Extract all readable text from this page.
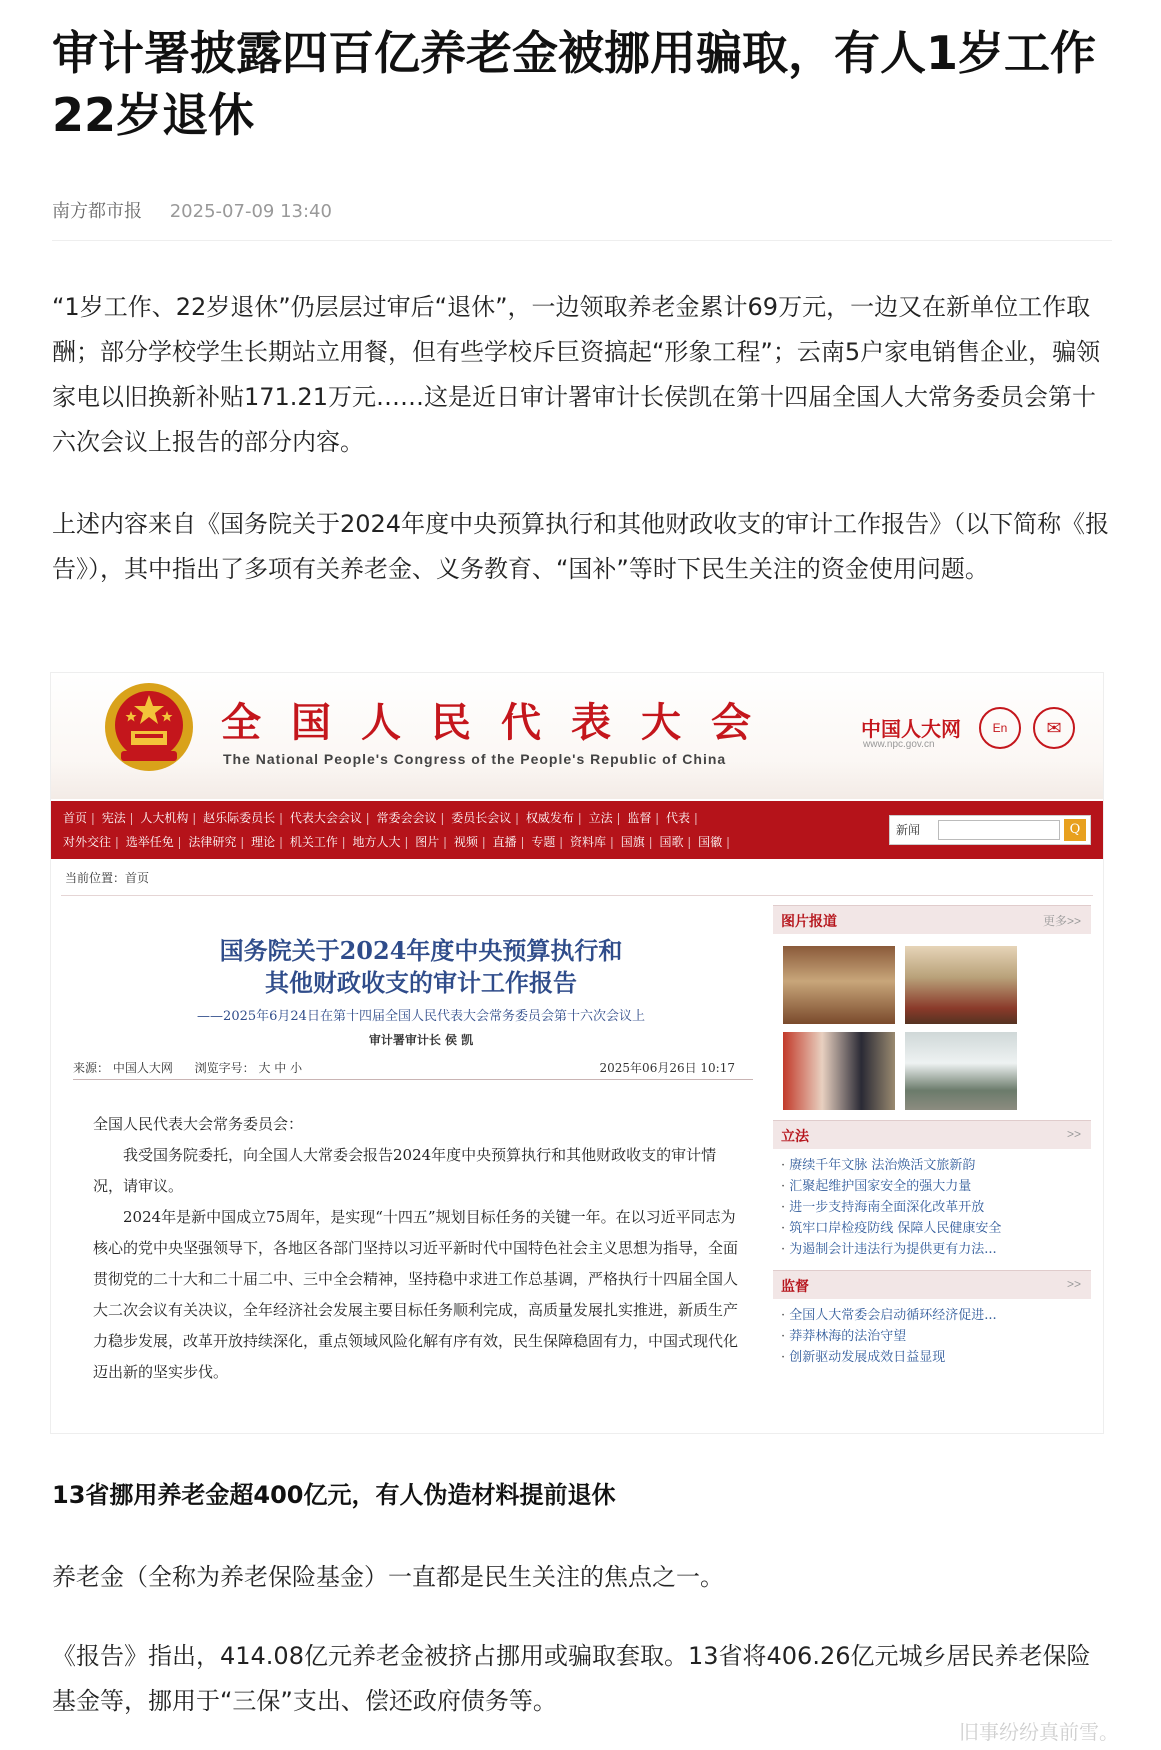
审计署披露四百亿养老金被挪用骗取，有人1岁工作22岁退休
南方都市报 2025-07-09 13:40

“1岁工作、22岁退休”仍层层过审后“退休”，一边领取养老金累计69万元，一边又在新单位工作取酬；部分学校学生长期站立用餐，但有些学校斥巨资搞起“形象工程”；云南5户家电销售企业，骗领家电以旧换新补贴171.21万元……这是近日审计署审计长侯凯在第十四届全国人大常务委员会第十六次会议上报告的部分内容。

上述内容来自《国务院关于2024年度中央预算执行和其他财政收支的审计工作报告》（以下简称《报告》），其中指出了多项有关养老金、义务教育、“国补”等时下民生关注的资金使用问题。

全国人民代表大会
The National People's Congress of the People's Republic of China
中国人大网
www.npc.gov.cn
En	✉
首页 | 宪法 | 人大机构 | 赵乐际委员长 | 代表大会会议 | 常委会会议 | 委员长会议 | 权威发布 | 立法 | 监督 | 代表 |
对外交往 | 选举任免 | 法律研究 | 理论 | 机关工作 | 地方人大 | 图片 | 视频 | 直播 | 专题 | 资料库 | 国旗 | 国歌 | 国徽 |
新闻	Q
当前位置：首页
国务院关于2024年度中央预算执行和
其他财政收支的审计工作报告
——2025年6月24日在第十四届全国人民代表大会常务委员会第十六次会议上
审计署审计长 侯 凯
来源： 中国人大网 浏览字号： 大 中 小	2025年06月26日 10:17

全国人民代表大会常务委员会：

我受国务院委托，向全国人大常委会报告2024年度中央预算执行和其他财政收支的审计情况，请审议。

2024年是新中国成立75周年，是实现“十四五”规划目标任务的关键一年。在以习近平同志为核心的党中央坚强领导下，各地区各部门坚持以习近平新时代中国特色社会主义思想为指导，全面贯彻党的二十大和二十届二中、三中全会精神，坚持稳中求进工作总基调，严格执行十四届全国人大二次会议有关决议，全年经济社会发展主要目标任务顺利完成，高质量发展扎实推进，新质生产力稳步发展，改革开放持续深化，重点领域风险化解有序有效，民生保障稳固有力，中国式现代化迈出新的坚实步伐。

图片报道	更多>>
立法	>>
· 赓续千年文脉 法治焕活文旅新韵
· 汇聚起维护国家安全的强大力量
· 进一步支持海南全面深化改革开放
· 筑牢口岸检疫防线 保障人民健康安全
· 为遏制会计违法行为提供更有力法...
监督	>>
· 全国人大常委会启动循环经济促进...
· 莽莽林海的法治守望
· 创新驱动发展成效日益显现

13省挪用养老金超400亿元，有人伪造材料提前退休

养老金（全称为养老保险基金）一直都是民生关注的焦点之一。

《报告》指出，414.08亿元养老金被挤占挪用或骗取套取。13省将406.26亿元城乡居民养老保险基金等，挪用于“三保”支出、偿还政府债务等。

旧事纷纷真前雪。
